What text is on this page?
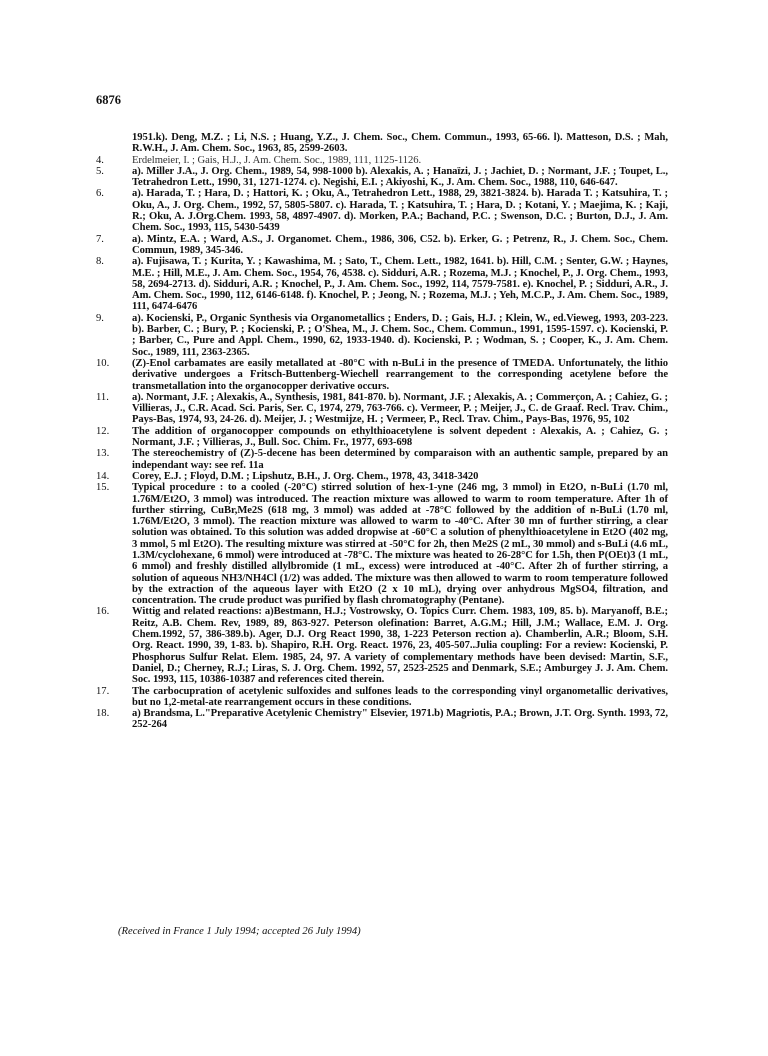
6876
1951.k). Deng, M.Z. ; Li, N.S. ; Huang, Y.Z., J. Chem. Soc., Chem. Commun., 1993, 65-66. l). Matteson, D.S. ; Mah, R.W.H., J. Am. Chem. Soc., 1963, 85, 2599-2603.
4.	Erdelmeier, I. ; Gais, H.J., J. Am. Chem. Soc., 1989, 111, 1125-1126.
5.	a). Miller J.A., J. Org. Chem., 1989, 54, 998-1000 b). Alexakis, A. ; Hanaïzi, J. ; Jachiet, D. ; Normant, J.F. ; Toupet, L., Tetrahedron Lett., 1990, 31, 1271-1274. c). Negishi, E.I. ; Akiyoshi, K., J. Am. Chem. Soc., 1988, 110, 646-647.
6.	a). Harada, T. ; Hara, D. ; Hattori, K. ; Oku, A., Tetrahedron Lett., 1988, 29, 3821-3824. b). Harada T. ; Katsuhira, T. ; Oku, A., J. Org. Chem., 1992, 57, 5805-5807. c). Harada, T. ; Katsuhira, T. ; Hara, D. ; Kotani, Y. ; Maejima, K. ; Kaji, R.; Oku, A. J.Org.Chem. 1993, 58, 4897-4907. d). Morken, P.A.; Bachand, P.C. ; Swenson, D.C. ; Burton, D.J., J. Am. Chem. Soc., 1993, 115, 5430-5439
7.	a). Mintz, E.A. ; Ward, A.S., J. Organomet. Chem., 1986, 306, C52. b). Erker, G. ; Petrenz, R., J. Chem. Soc., Chem. Commun, 1989, 345-346.
8.	a). Fujisawa, T. ; Kurita, Y. ; Kawashima, M. ; Sato, T., Chem. Lett., 1982, 1641. b). Hill, C.M. ; Senter, G.W. ; Haynes, M.E. ; Hill, M.E., J. Am. Chem. Soc., 1954, 76, 4538. c). Sidduri, A.R. ; Rozema, M.J. ; Knochel, P., J. Org. Chem., 1993, 58, 2694-2713. d). Sidduri, A.R. ; Knochel, P., J. Am. Chem. Soc., 1992, 114, 7579-7581. e). Knochel, P. ; Sidduri, A.R., J. Am. Chem. Soc., 1990, 112, 6146-6148. f). Knochel, P. ; Jeong, N. ; Rozema, M.J. ; Yeh, M.C.P., J. Am. Chem. Soc., 1989, 111, 6474-6476
9.	a). Kocienski, P., Organic Synthesis via Organometallics ; Enders, D. ; Gais, H.J. ; Klein, W., ed.Vieweg, 1993, 203-223. b). Barber, C. ; Bury, P. ; Kocienski, P. ; O'Shea, M., J. Chem. Soc., Chem. Commun., 1991, 1595-1597. c). Kocienski, P. ; Barber, C., Pure and Appl. Chem., 1990, 62, 1933-1940. d). Kocienski, P. ; Wodman, S. ; Cooper, K., J. Am. Chem. Soc., 1989, 111, 2363-2365.
10.	(Z)-Enol carbamates are easily metallated at -80°C with n-BuLi in the presence of TMEDA. Unfortunately, the lithio derivative undergoes a Fritsch-Buttenberg-Wiechell rearrangement to the corresponding acetylene before the transmetallation into the organocopper derivative occurs.
11.	a). Normant, J.F. ; Alexakis, A., Synthesis, 1981, 841-870. b). Normant, J.F. ; Alexakis, A. ; Commerçon, A. ; Cahiez, G. ; Villieras, J., C.R. Acad. Sci. Paris, Ser. C, 1974, 279, 763-766. c). Vermeer, P. ; Meijer, J., C. de Graaf. Recl. Trav. Chim., Pays-Bas, 1974, 93, 24-26. d). Meijer, J. ; Westmijze, H. ; Vermeer, P., Recl. Trav. Chim., Pays-Bas, 1976, 95, 102
12.	The addition of organocopper compounds on ethylthioacetylene is solvent depedent : Alexakis, A. ; Cahiez, G. ; Normant, J.F. ; Villieras, J., Bull. Soc. Chim. Fr., 1977, 693-698
13.	The stereochemistry of (Z)-5-decene has been determined by comparaison with an authentic sample, prepared by an independant way: see ref. 11a
14.	Corey, E.J. ; Floyd, D.M. ; Lipshutz, B.H., J. Org. Chem., 1978, 43, 3418-3420
15.	Typical procedure : to a cooled (-20°C) stirred solution of hex-1-yne (246 mg, 3 mmol) in Et2O, n-BuLi (1.70 ml, 1.76M/Et2O, 3 mmol) was introduced. The reaction mixture was allowed to warm to room temperature. After 1h of further stirring, CuBr,Me2S (618 mg, 3 mmol) was added at -78°C followed by the addition of n-BuLi (1.70 ml, 1.76M/Et2O, 3 mmol). The reaction mixture was allowed to warm to -40°C. After 30 mn of further stirring, a clear solution was obtained. To this solution was added dropwise at -60°C a solution of phenylthioacetylene in Et2O (402 mg, 3 mmol, 5 ml Et2O). The resulting mixture was stirred at -50°C for 2h, then Me2S (2 mL, 30 mmol) and s-BuLi (4.6 mL, 1.3M/cyclohexane, 6 mmol) were introduced at -78°C. The mixture was heated to 26-28°C for 1.5h, then P(OEt)3 (1 mL, 6 mmol) and freshly distilled allylbromide (1 mL, excess) were introduced at -40°C. After 2h of further stirring, a solution of aqueous NH3/NH4Cl (1/2) was added. The mixture was then allowed to warm to room temperature followed by the extraction of the aqueous layer with Et2O (2 x 10 mL), drying over anhydrous MgSO4, filtration, and concentration. The crude product was purified by flash chromatography (Pentane).
16.	Wittig and related reactions: a)Bestmann, H.J.; Vostrowsky, O. Topics Curr. Chem. 1983, 109, 85. b). Maryanoff, B.E.; Reitz, A.B. Chem. Rev, 1989, 89, 863-927. Peterson olefination: Barret, A.G.M.; Hill, J.M.; Wallace, E.M. J. Org. Chem.1992, 57, 386-389.b). Ager, D.J. Org React 1990, 38, 1-223 Peterson rection a). Chamberlin, A.R.; Bloom, S.H. Org. React. 1990, 39, 1-83. b). Shapiro, R.H. Org. React. 1976, 23, 405-507..Julia coupling: For a review: Kocienski, P. Phosphorus Sulfur Relat. Elem. 1985, 24, 97. A variety of complementary methods have been devised: Martin, S.F., Daniel, D.; Cherney, R.J.; Liras, S. J. Org. Chem. 1992, 57, 2523-2525 and Denmark, S.E.; Amburgey J. J. Am. Chem. Soc. 1993, 115, 10386-10387 and references cited therein.
17.	The carbocupration of acetylenic sulfoxides and sulfones leads to the corresponding vinyl organometallic derivatives, but no 1,2-metal-ate rearrangement occurs in these conditions.
18.	a) Brandsma, L."Preparative Acetylenic Chemistry" Elsevier, 1971.b) Magriotis, P.A.; Brown, J.T. Org. Synth. 1993, 72, 252-264
(Received in France 1 July 1994; accepted 26 July 1994)
